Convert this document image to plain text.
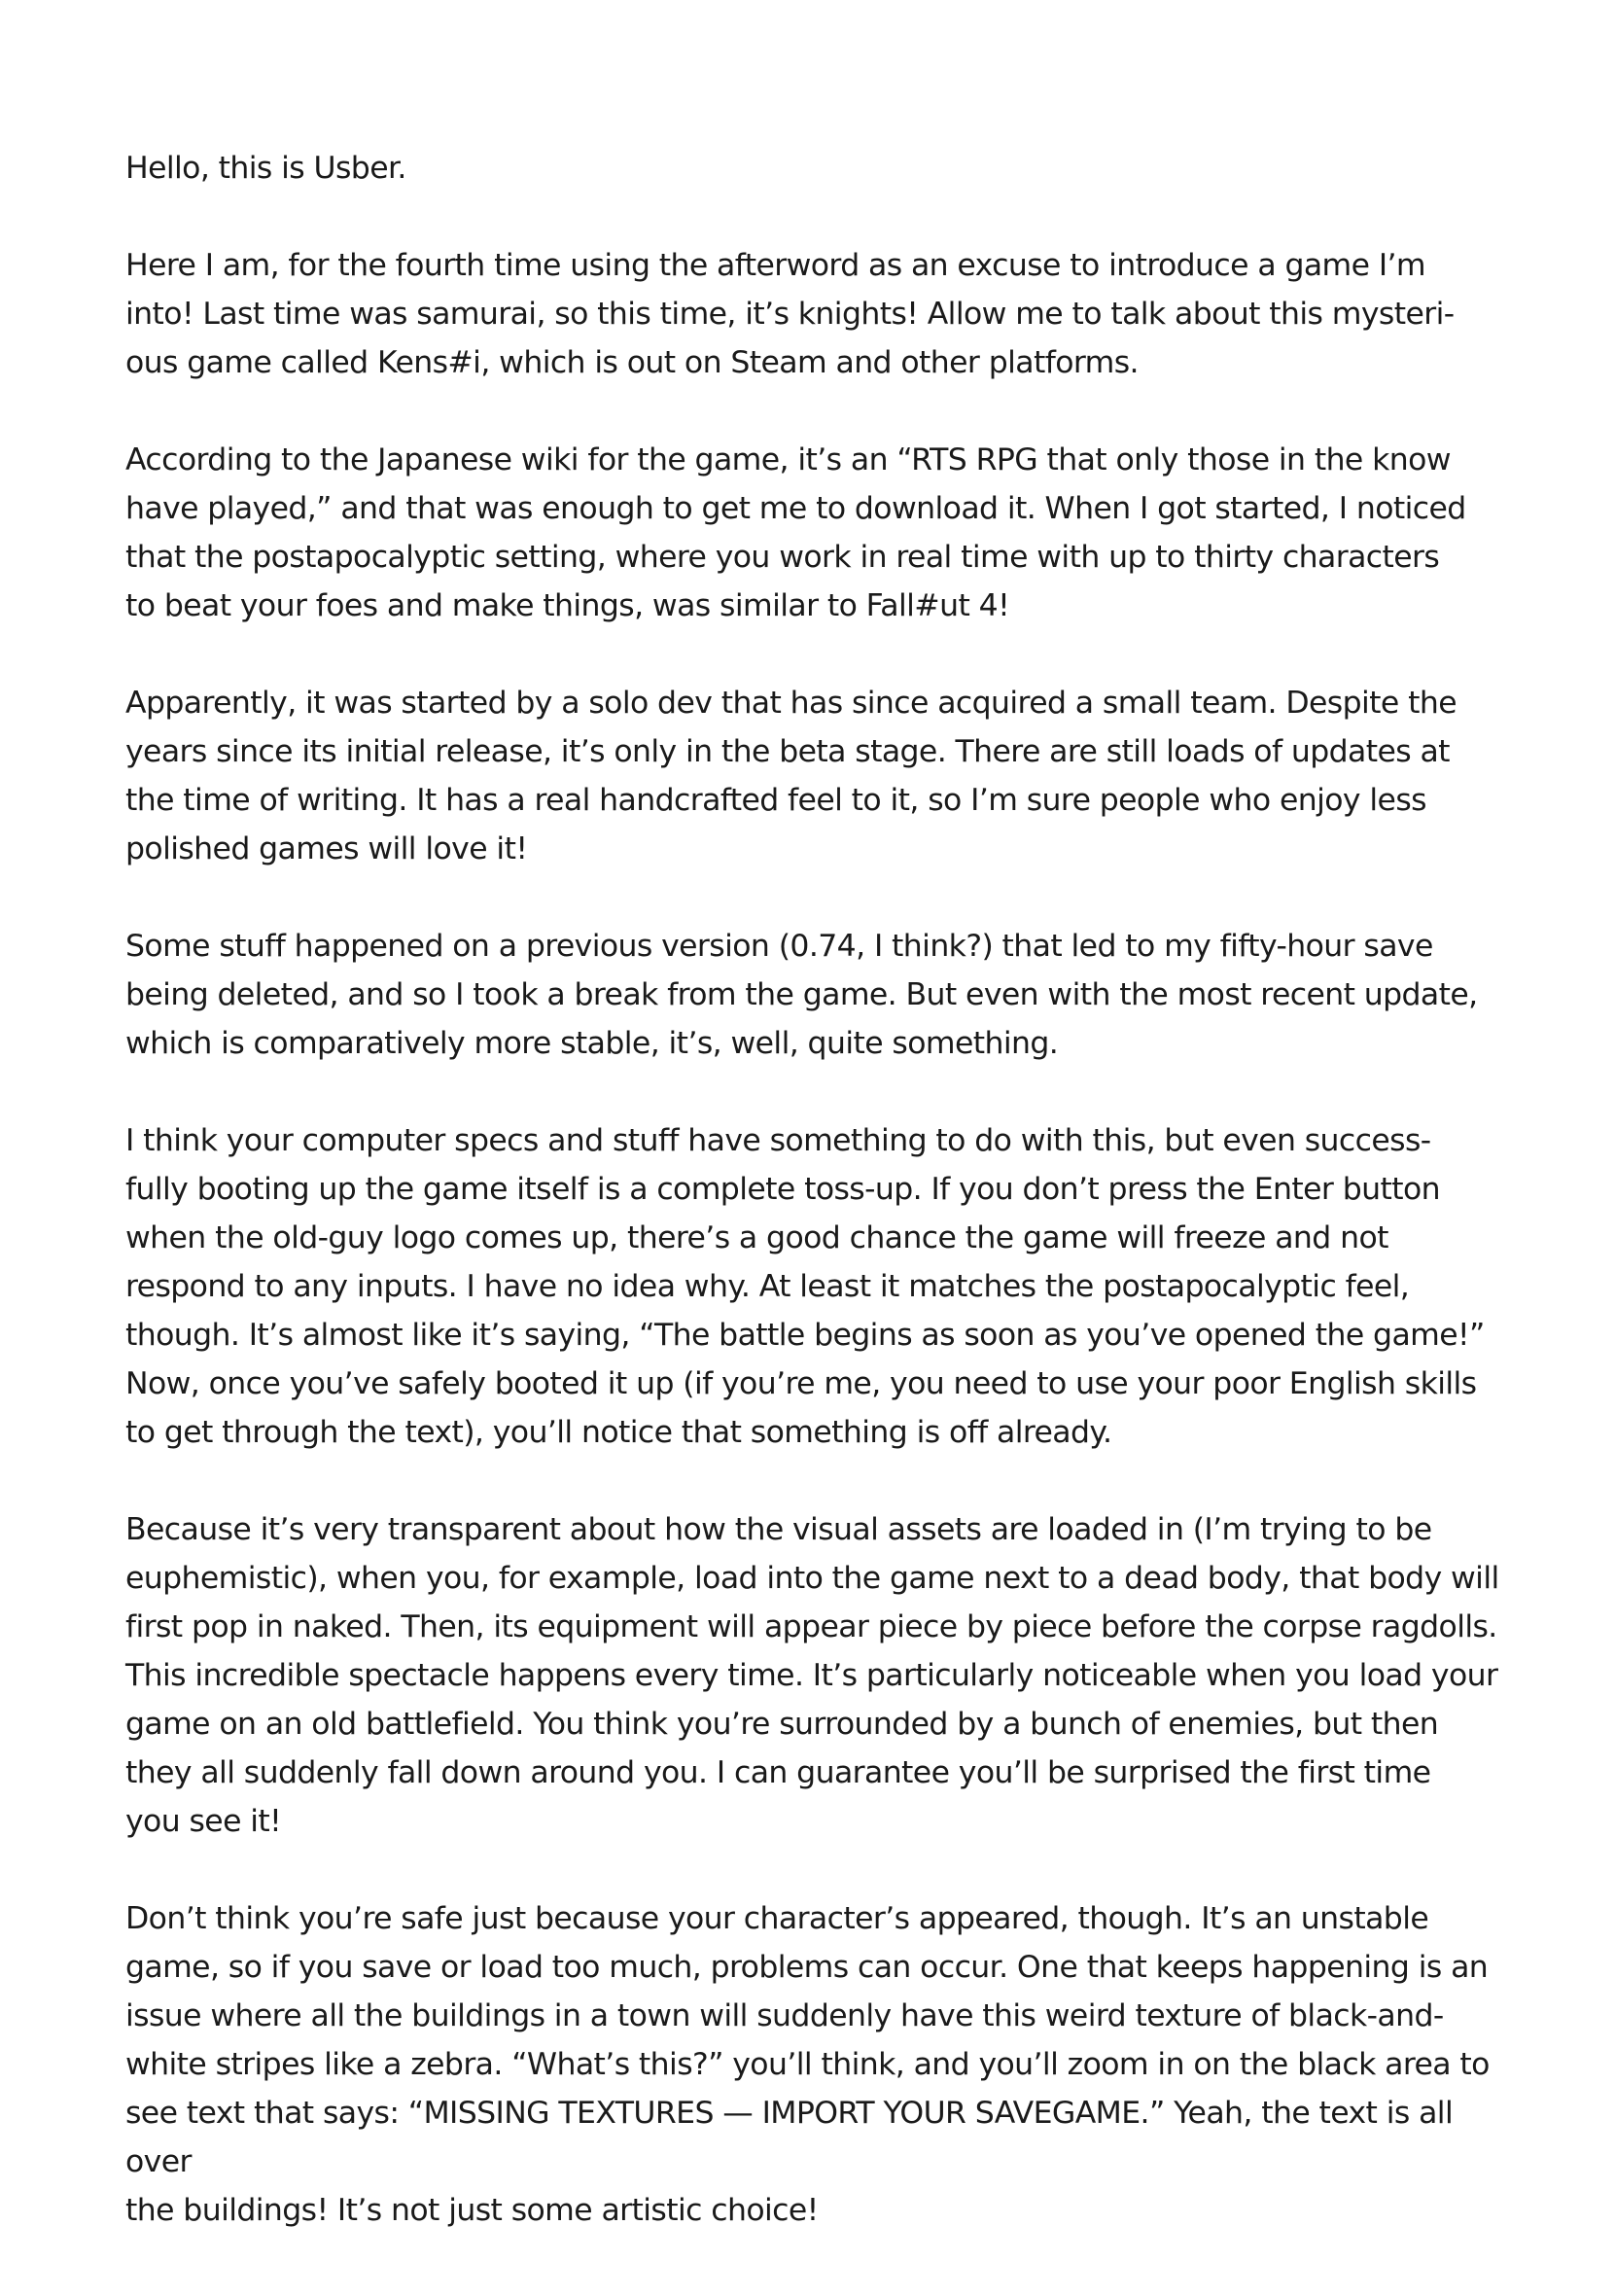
Hello, this is Usber.

Here I am, for the fourth time using the afterword as an excuse to introduce a game I’m
into! Last time was samurai, so this time, it’s knights! Allow me to talk about this mysteri-
ous game called Kens#i, which is out on Steam and other platforms.

According to the Japanese wiki for the game, it’s an “RTS RPG that only those in the know
have played,” and that was enough to get me to download it. When I got started, I noticed
that the postapocalyptic setting, where you work in real time with up to thirty characters
to beat your foes and make things, was similar to Fall#ut 4!

Apparently, it was started by a solo dev that has since acquired a small team. Despite the
years since its initial release, it’s only in the beta stage. There are still loads of updates at
the time of writing. It has a real handcrafted feel to it, so I’m sure people who enjoy less
polished games will love it!

Some stuff happened on a previous version (0.74, I think?) that led to my fifty-hour save
being deleted, and so I took a break from the game. But even with the most recent update,
which is comparatively more stable, it’s, well, quite something.

I think your computer specs and stuff have something to do with this, but even success-
fully booting up the game itself is a complete toss-up. If you don’t press the Enter button
when the old-guy logo comes up, there’s a good chance the game will freeze and not
respond to any inputs. I have no idea why. At least it matches the postapocalyptic feel,
though. It’s almost like it’s saying, “The battle begins as soon as you’ve opened the game!”
Now, once you’ve safely booted it up (if you’re me, you need to use your poor English skills
to get through the text), you’ll notice that something is off already.

Because it’s very transparent about how the visual assets are loaded in (I’m trying to be
euphemistic), when you, for example, load into the game next to a dead body, that body will
first pop in naked. Then, its equipment will appear piece by piece before the corpse ragdolls.
This incredible spectacle happens every time. It’s particularly noticeable when you load your
game on an old battlefield. You think you’re surrounded by a bunch of enemies, but then
they all suddenly fall down around you. I can guarantee you’ll be surprised the first time
you see it!

Don’t think you’re safe just because your character’s appeared, though. It’s an unstable
game, so if you save or load too much, problems can occur. One that keeps happening is an
issue where all the buildings in a town will suddenly have this weird texture of black-and-
white stripes like a zebra. “What’s this?” you’ll think, and you’ll zoom in on the black area to
see text that says: “MISSING TEXTURES — IMPORT YOUR SAVEGAME.” Yeah, the text is all over
the buildings! It’s not just some artistic choice!
